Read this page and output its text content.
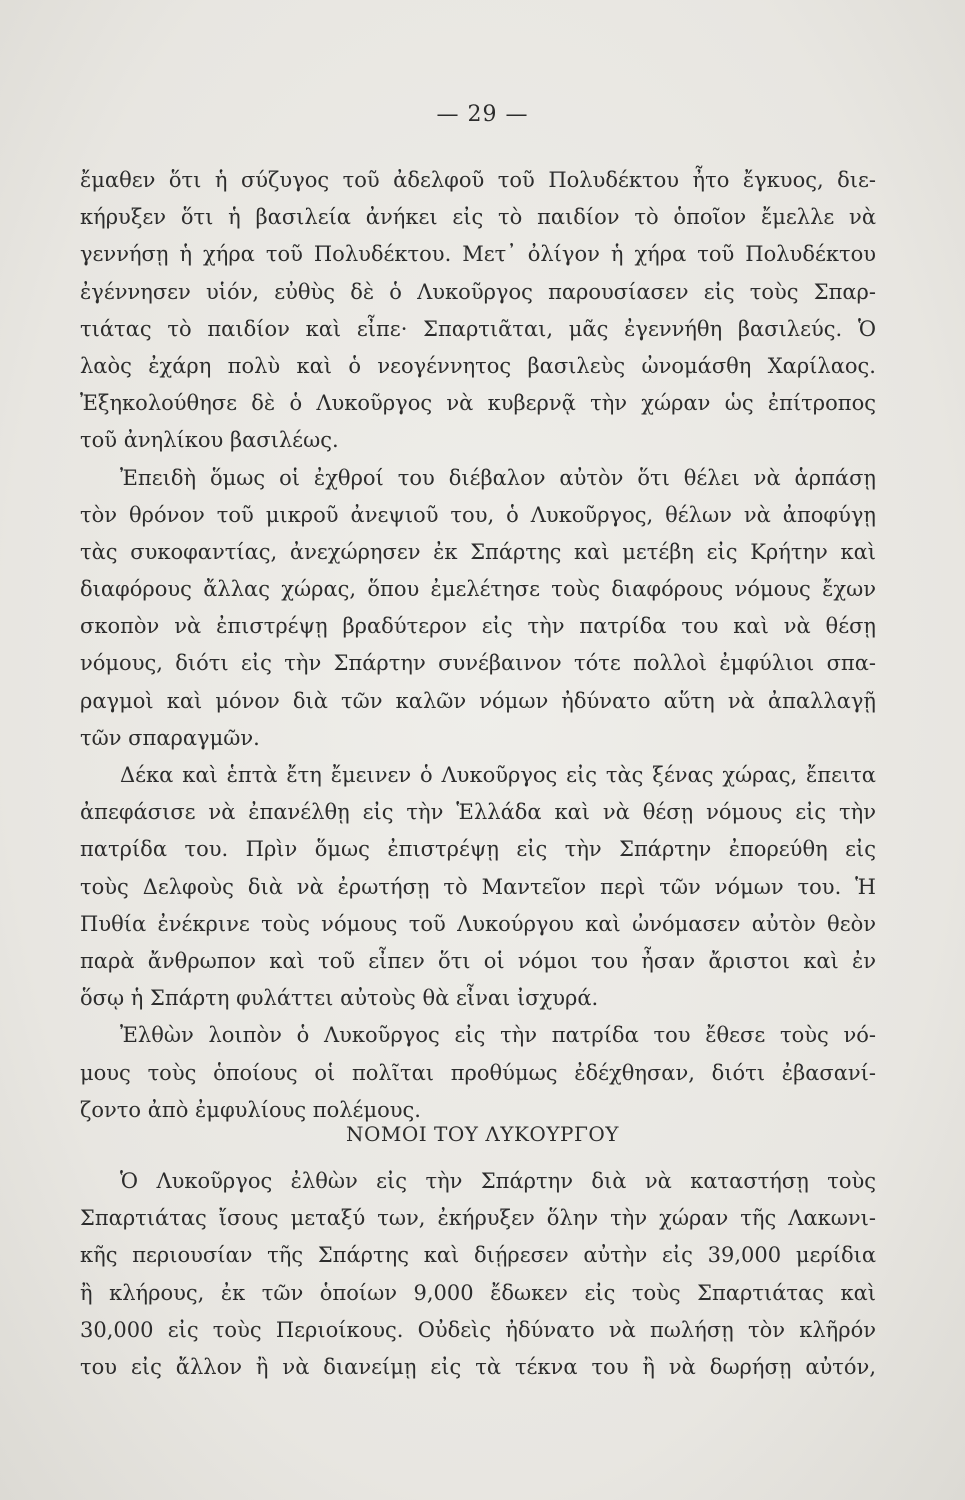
— 29 —
ἔμαθεν ὅτι ἡ σύζυγος τοῦ ἀδελφοῦ τοῦ Πολυδέκτου ἦτο ἔγκυος, διε-
κήρυξεν ὅτι ἡ βασιλεία ἀνήκει εἰς τὸ παιδίον τὸ ὁποῖον ἔμελλε νὰ
γεννήσῃ ἡ χήρα τοῦ Πολυδέκτου. Μετ᾽ ὀλίγον ἡ χήρα τοῦ Πολυδέκτου
ἐγέννησεν υἱόν, εὐθὺς δὲ ὁ Λυκοῦργος παρουσίασεν εἰς τοὺς Σπαρ-
τιάτας τὸ παιδίον καὶ εἶπε· Σπαρτιᾶται, μᾶς ἐγεννήθη βασιλεύς. Ὁ
λαὸς ἐχάρη πολὺ καὶ ὁ νεογέννητος βασιλεὺς ὠνομάσθη Χαρίλαος.
Ἐξηκολούθησε δὲ ὁ Λυκοῦργος νὰ κυβερνᾷ τὴν χώραν ὡς ἐπίτροπος
τοῦ ἀνηλίκου βασιλέως.
Ἐπειδὴ ὅμως οἱ ἐχθροί του διέβαλον αὐτὸν ὅτι θέλει νὰ ἁρπάσῃ
τὸν θρόνον τοῦ μικροῦ ἀνεψιοῦ του, ὁ Λυκοῦργος, θέλων νὰ ἀποφύγῃ
τὰς συκοφαντίας, ἀνεχώρησεν ἐκ Σπάρτης καὶ μετέβη εἰς Κρήτην καὶ
διαφόρους ἄλλας χώρας, ὅπου ἐμελέτησε τοὺς διαφόρους νόμους ἔχων
σκοπὸν νὰ ἐπιστρέψῃ βραδύτερον εἰς τὴν πατρίδα του καὶ νὰ θέσῃ
νόμους, διότι εἰς τὴν Σπάρτην συνέβαινον τότε πολλοὶ ἐμφύλιοι σπα-
ραγμοὶ καὶ μόνον διὰ τῶν καλῶν νόμων ἠδύνατο αὕτη νὰ ἀπαλλαγῇ
τῶν σπαραγμῶν.
Δέκα καὶ ἑπτὰ ἔτη ἔμεινεν ὁ Λυκοῦργος εἰς τὰς ξένας χώρας, ἔπειτα
ἀπεφάσισε νὰ ἐπανέλθῃ εἰς τὴν Ἑλλάδα καὶ νὰ θέσῃ νόμους εἰς τὴν
πατρίδα του. Πρὶν ὅμως ἐπιστρέψῃ εἰς τὴν Σπάρτην ἐπορεύθη εἰς
τοὺς Δελφοὺς διὰ νὰ ἐρωτήσῃ τὸ Μαντεῖον περὶ τῶν νόμων του. Ἡ
Πυθία ἐνέκρινε τοὺς νόμους τοῦ Λυκούργου καὶ ὠνόμασεν αὐτὸν θεὸν
παρὰ ἄνθρωπον καὶ τοῦ εἶπεν ὅτι οἱ νόμοι του ἦσαν ἄριστοι καὶ ἐν
ὅσῳ ἡ Σπάρτη φυλάττει αὐτοὺς θὰ εἶναι ἰσχυρά.
Ἐλθὼν λοιπὸν ὁ Λυκοῦργος εἰς τὴν πατρίδα του ἔθεσε τοὺς νό-
μους τοὺς ὁποίους οἱ πολῖται προθύμως ἐδέχθησαν, διότι ἐβασανί-
ζοντο ἀπὸ ἐμφυλίους πολέμους.
ΝΟΜΟΙ ΤΟΥ ΛΥΚΟΥΡΓΟΥ
Ὁ Λυκοῦργος ἐλθὼν εἰς τὴν Σπάρτην διὰ νὰ καταστήσῃ τοὺς
Σπαρτιάτας ἴσους μεταξύ των, ἐκήρυξεν ὅλην τὴν χώραν τῆς Λακωνι-
κῆς περιουσίαν τῆς Σπάρτης καὶ διῄρεσεν αὐτὴν εἰς 39,000 μερίδια
ἢ κλήρους, ἐκ τῶν ὁποίων 9,000 ἔδωκεν εἰς τοὺς Σπαρτιάτας καὶ
30,000 εἰς τοὺς Περιοίκους. Οὐδεὶς ἠδύνατο νὰ πωλήσῃ τὸν κλῆρόν
του εἰς ἄλλον ἢ νὰ διανείμῃ εἰς τὰ τέκνα του ἢ νὰ δωρήσῃ αὐτόν,
